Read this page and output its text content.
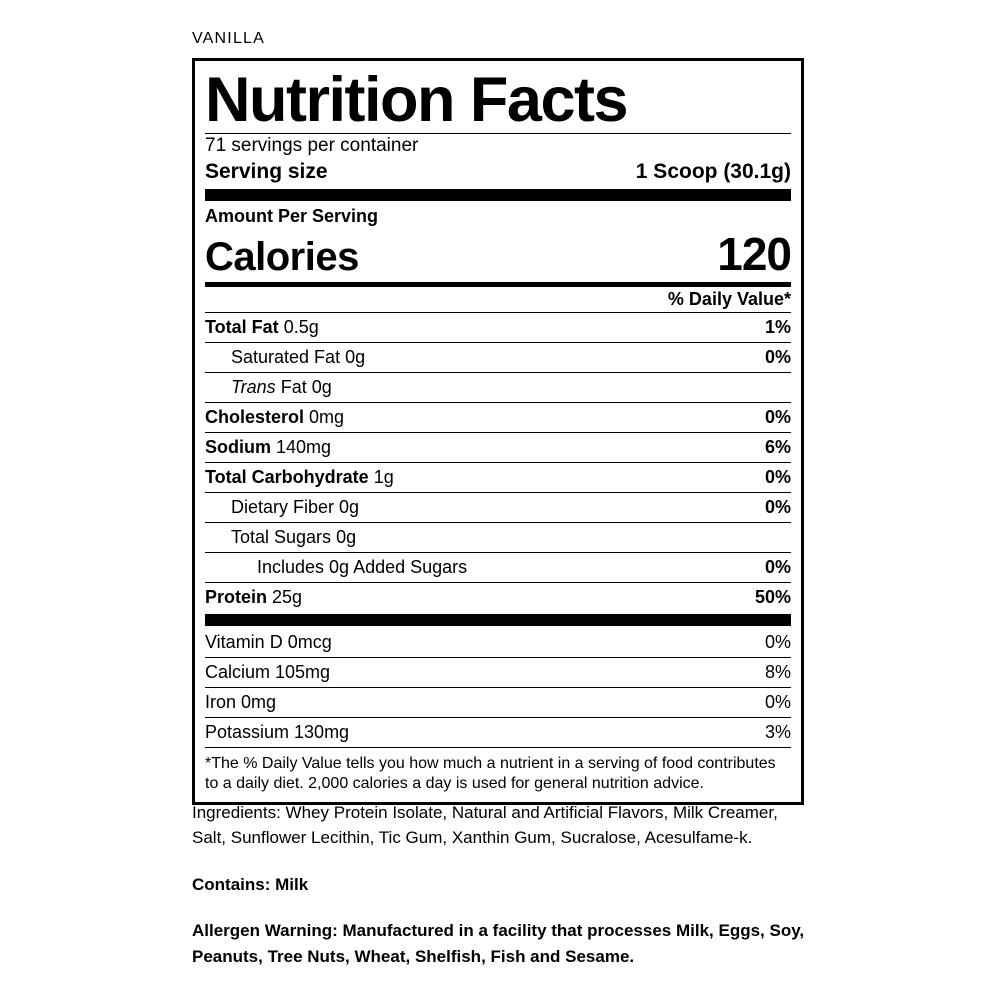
VANILLA
Nutrition Facts
71 servings per container
Serving size	1 Scoop (30.1g)
Amount Per Serving
Calories	120
% Daily Value*
Total Fat 0.5g	1%
Saturated Fat 0g	0%
Trans Fat 0g
Cholesterol 0mg	0%
Sodium 140mg	6%
Total Carbohydrate 1g	0%
Dietary Fiber 0g	0%
Total Sugars 0g
Includes 0g Added Sugars	0%
Protein 25g	50%
Vitamin D 0mcg	0%
Calcium 105mg	8%
Iron 0mg	0%
Potassium 130mg	3%
*The % Daily Value tells you how much a nutrient in a serving of food contributes to a daily diet. 2,000 calories a day is used for general nutrition advice.
Ingredients: Whey Protein Isolate, Natural and Artificial Flavors, Milk Creamer, Salt, Sunflower Lecithin, Tic Gum, Xanthin Gum, Sucralose, Acesulfame-k.
Contains: Milk
Allergen Warning: Manufactured in a facility that processes Milk, Eggs, Soy, Peanuts, Tree Nuts, Wheat, Shelfish, Fish and Sesame.
